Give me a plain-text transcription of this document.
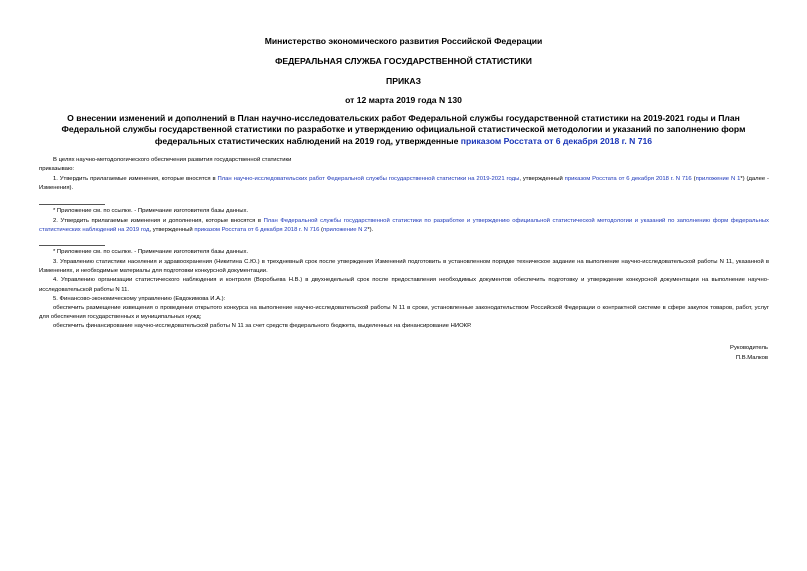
Министерство экономического развития Российской Федерации
ФЕДЕРАЛЬНАЯ СЛУЖБА ГОСУДАРСТВЕННОЙ СТАТИСТИКИ
ПРИКАЗ
от 12 марта 2019 года N 130
О внесении изменений и дополнений в План научно-исследовательских работ Федеральной службы государственной статистики на 2019-2021 годы и План Федеральной службы государственной статистики по разработке и утверждению официальной статистической методологии и указаний по заполнению форм федеральных статистических наблюдений на 2019 год, утвержденные приказом Росстата от 6 декабря 2018 г. N 716

В целях научно-методологического обеспечения развития государственной статистики

приказываю:

1. Утвердить прилагаемые изменения, которые вносятся в План научно-исследовательских работ Федеральной службы государственной статистики на 2019-2021 годы, утвержденный приказом Росстата от 6 декабря 2018 г. N 716 (приложение N 1*) (далее - Изменения).

* Приложение см. по ссылке. - Примечание изготовителя базы данных.

2. Утвердить прилагаемые изменения и дополнения, которые вносятся в План Федеральной службы государственной статистики по разработке и утверждению официальной статистической методологии и указаний по заполнению форм федеральных статистических наблюдений на 2019 год, утвержденный приказом Росстата от 6 декабря 2018 г. N 716 (приложение N 2*).

* Приложение см. по ссылке. - Примечание изготовителя базы данных.

3. Управлению статистики населения и здравоохранения (Никитина С.Ю.) в трехдневный срок после утверждения Изменений подготовить в установленном порядке техническое задание на выполнение научно-исследовательской работы N 11, указанной в Изменениях, и необходимые материалы для подготовки конкурсной документации.

4. Управлению организации статистического наблюдения и контроля (Воробьева Н.В.) в двухнедельный срок после предоставления необходимых документов обеспечить подготовку и утверждение конкурсной документации на выполнение научно-исследовательской работы N 11.

5. Финансово-экономическому управлению (Евдокимова И.А.):

обеспечить размещение извещения о проведении открытого конкурса на выполнение научно-исследовательской работы N 11 в сроки, установленные законодательством Российской Федерации о контрактной системе в сфере закупок товаров, работ, услуг для обеспечения государственных и муниципальных нужд;

обеспечить финансирование научно-исследовательской работы N 11 за счет средств федерального бюджета, выделенных на финансирование НИОКР.

Руководитель
П.В.Малков
